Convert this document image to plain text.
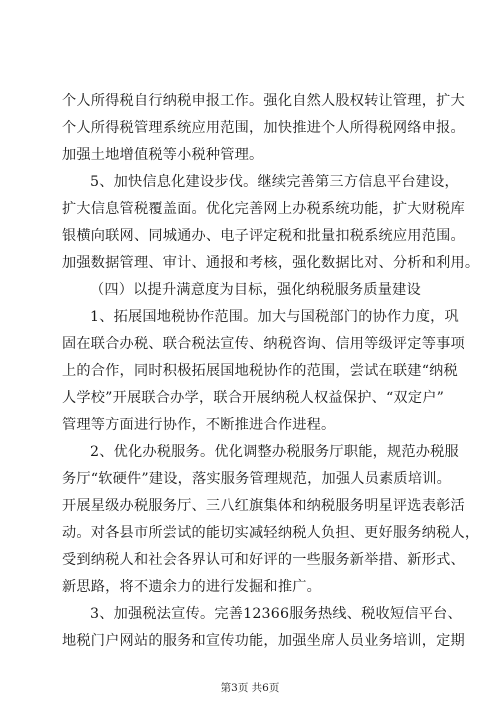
个人所得税自行纳税申报工作。强化自然人股权转让管理，扩大
个人所得税管理系统应用范围，加快推进个人所得税网络申报。
加强土地增值税等小税种管理。
5、加快信息化建设步伐。继续完善第三方信息平台建设，
扩大信息管税覆盖面。优化完善网上办税系统功能，扩大财税库
银横向联网、同城通办、电子评定税和批量扣税系统应用范围。
加强数据管理、审计、通报和考核，强化数据比对、分析和利用。
（四）以提升满意度为目标，强化纳税服务质量建设
1、拓展国地税协作范围。加大与国税部门的协作力度，巩
固在联合办税、联合税法宣传、纳税咨询、信用等级评定等事项
上的合作，同时积极拓展国地税协作的范围，尝试在联建“纳税
人学校”开展联合办学，联合开展纳税人权益保护、“双定户”
管理等方面进行协作，不断推进合作进程。
2、优化办税服务。优化调整办税服务厅职能，规范办税服
务厅“软硬件”建设，落实服务管理规范，加强人员素质培训。
开展星级办税服务厅、三八红旗集体和纳税服务明星评选表彰活
动。对各县市所尝试的能切实减轻纳税人负担、更好服务纳税人，
受到纳税人和社会各界认可和好评的一些服务新举措、新形式、
新思路，将不遗余力的进行发掘和推广。
3、加强税法宣传。完善12366服务热线、税收短信平台、
地税门户网站的服务和宣传功能，加强坐席人员业务培训，定期
第3页 共6页
